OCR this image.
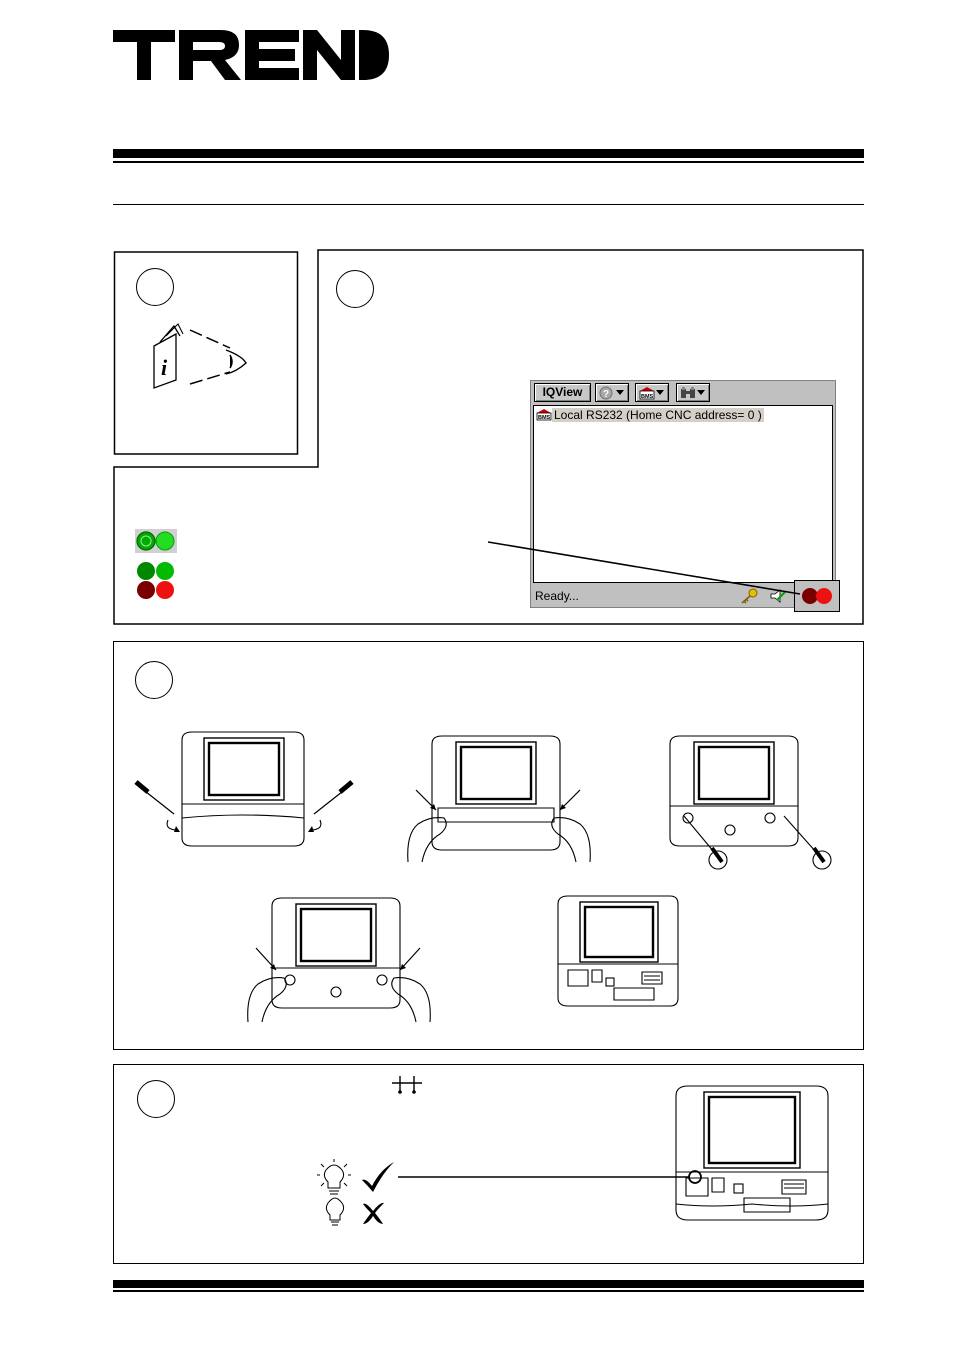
i
IQView	?	BMS
BMS Local RS232 (Home CNC address= 0 )
Ready...
